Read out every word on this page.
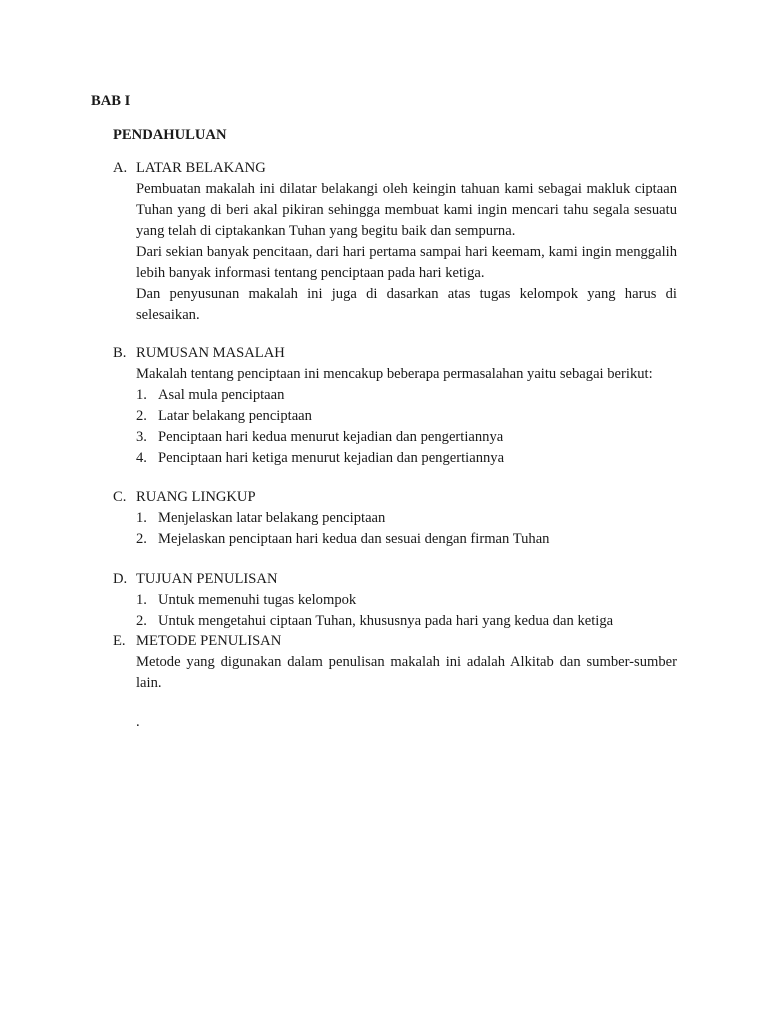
BAB I
PENDAHULUAN
A. LATAR BELAKANG
Pembuatan makalah ini dilatar belakangi oleh keingin tahuan kami sebagai makluk ciptaan Tuhan yang di beri akal pikiran sehingga membuat kami ingin mencari tahu segala sesuatu yang telah di ciptakankan Tuhan yang begitu baik dan sempurna.
Dari sekian banyak pencitaan, dari hari pertama sampai hari keemam, kami ingin menggalih lebih banyak informasi tentang penciptaan pada hari ketiga.
Dan penyusunan makalah ini juga di dasarkan atas tugas kelompok yang harus di selesaikan.
B. RUMUSAN MASALAH
Makalah tentang penciptaan ini mencakup beberapa permasalahan yaitu sebagai berikut:
1. Asal mula penciptaan
2. Latar belakang penciptaan
3. Penciptaan hari kedua menurut kejadian dan pengertiannya
4. Penciptaan hari ketiga menurut kejadian dan pengertiannya
C. RUANG LINGKUP
1. Menjelaskan latar belakang penciptaan
2. Mejelaskan penciptaan hari kedua dan sesuai dengan firman Tuhan
D. TUJUAN PENULISAN
1. Untuk memenuhi tugas kelompok
2. Untuk mengetahui ciptaan Tuhan, khususnya pada hari yang kedua dan ketiga
E. METODE PENULISAN
Metode yang digunakan dalam penulisan makalah ini adalah Alkitab dan sumber-sumber lain.
.
